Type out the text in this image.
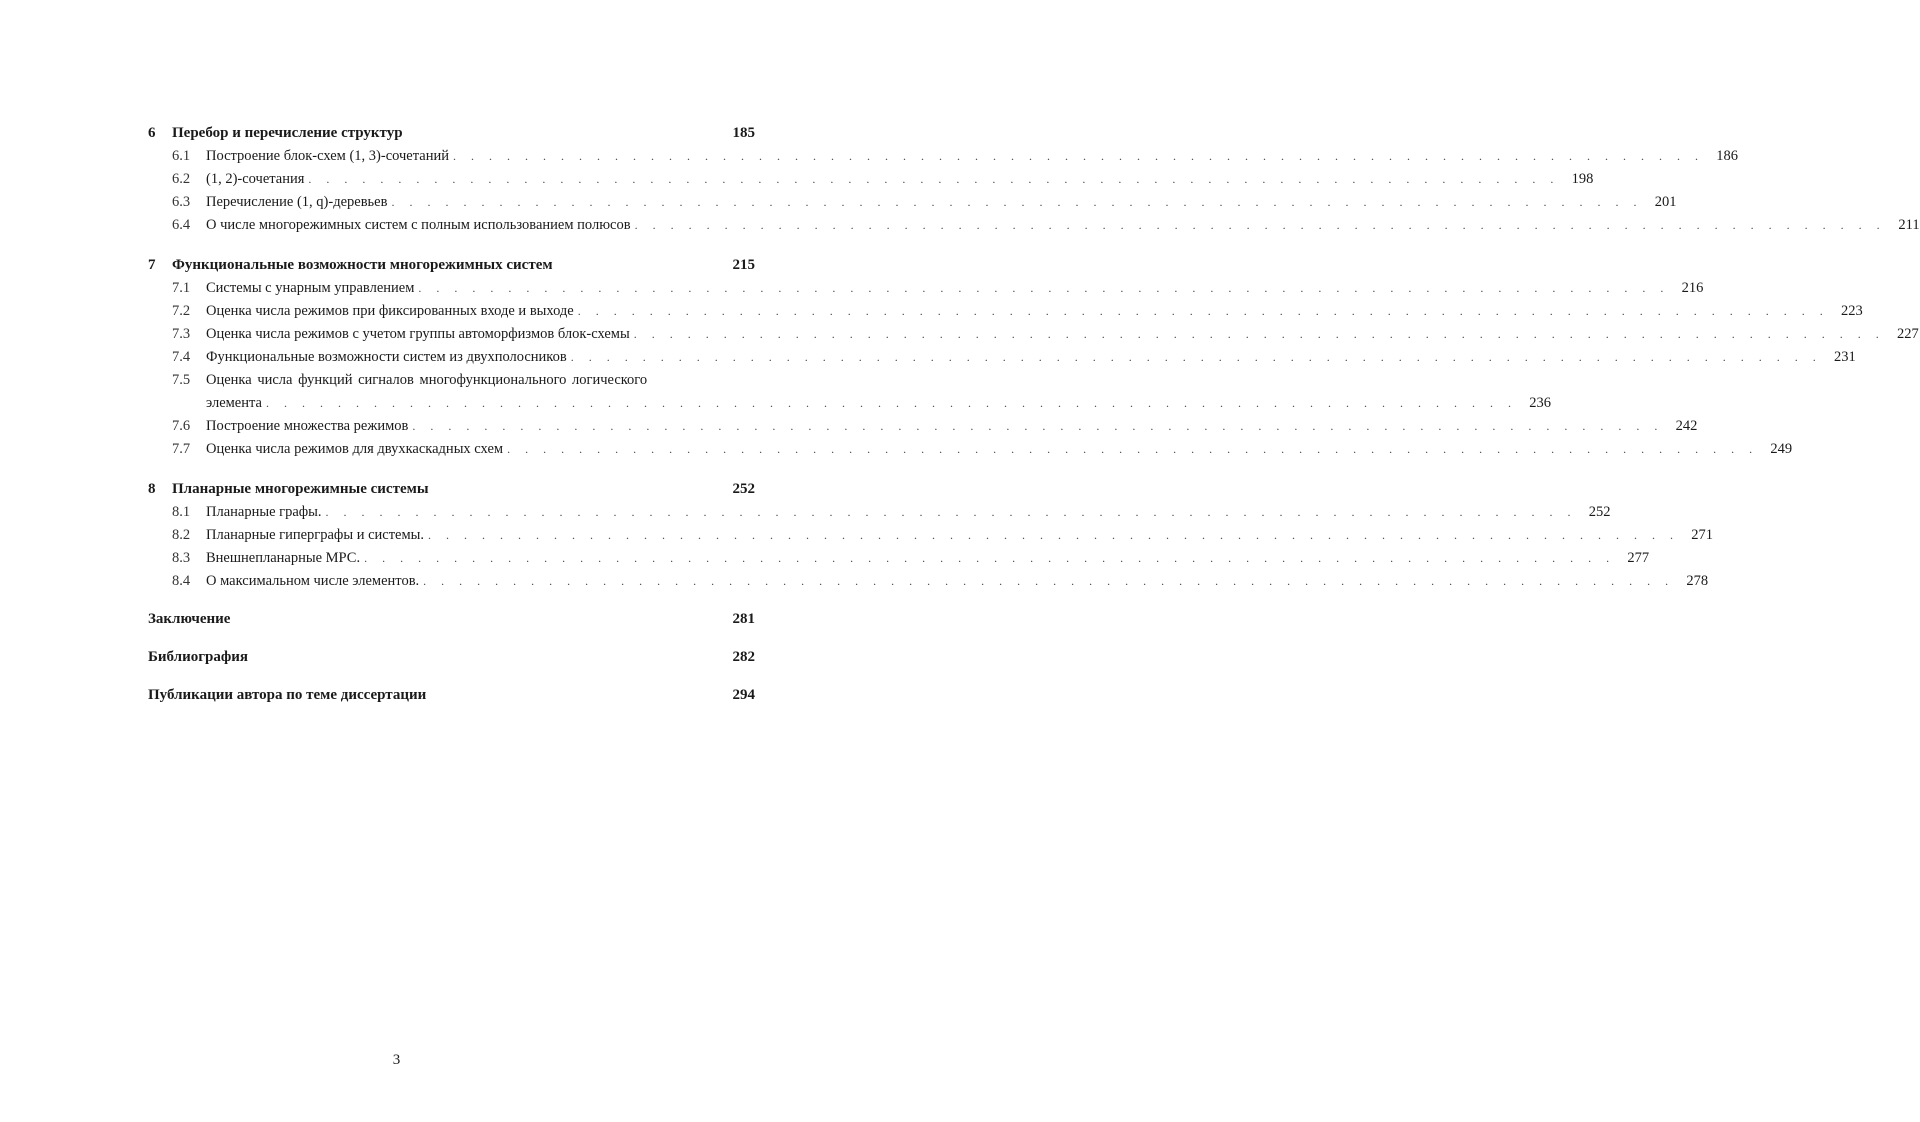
6	Перебор и перечисление структур	185
6.1	Построение блок-схем (1, 3)-сочетаний . . . . . . . . . . . . . . . . . . . . . . . . . . . . . . . . . . . . . . . . . . . . . . . . . . . . . . . . . . . . . . . . . . . . . . 186
6.2	(1, 2)-сочетания . . . . . . . . . . . . . . . . . . . . . . . . . . . . . . . . . . . . . . . . . . . . . . . . . . . . . . . . . . . . . . . . . . . . . . 198
6.3	Перечисление (1, q)-деревьев . . . . . . . . . . . . . . . . . . . . . . . . . . . . . . . . . . . . . . . . . . . . . . . . . . . . . . . . . . . . . . . . . . . . . . 201
6.4	О числе многорежимных систем с полным использованием полюсов . . . . . . . . . . . . . . . . . . . . . . . . . . . . . . . . . . . . . . . . . . . . . . . . . . . . . . . . . . . . . . . . . . . . . . 211
7	Функциональные возможности многорежимных систем	215
7.1	Системы с унарным управлением . . . . . . . . . . . . . . . . . . . . . . . . . . . . . . . . . . . . . . . . . . . . . . . . . . . . . . . . . . . . . . . . . . . . . . 216
7.2	Оценка числа режимов при фиксированных входе и выходе . . . . . . . . . . . . . . . . . . . . . . . . . . . . . . . . . . . . . . . . . . . . . . . . . . . . . . . . . . . . . . . . . . . . . . 223
7.3	Оценка числа режимов с учетом группы автоморфизмов блок-схемы . . . . . . . . . . . . . . . . . . . . . . . . . . . . . . . . . . . . . . . . . . . . . . . . . . . . . . . . . . . . . . . . . . . . . . 227
7.4	Функциональные возможности систем из двухполосников . . . . . . . . . . . . . . . . . . . . . . . . . . . . . . . . . . . . . . . . . . . . . . . . . . . . . . . . . . . . . . . . . . . . . . 231
7.5	Оценка числа функций сигналов многофункционального логического
элемента . . . . . . . . . . . . . . . . . . . . . . . . . . . . . . . . . . . . . . . . . . . . . . . . . . . . . . . . . . . . . . . . . . . . . . 236
7.6	Построение множества режимов . . . . . . . . . . . . . . . . . . . . . . . . . . . . . . . . . . . . . . . . . . . . . . . . . . . . . . . . . . . . . . . . . . . . . . 242
7.7	Оценка числа режимов для двухкаскадных схем . . . . . . . . . . . . . . . . . . . . . . . . . . . . . . . . . . . . . . . . . . . . . . . . . . . . . . . . . . . . . . . . . . . . . . 249
8	Планарные многорежимные системы	252
8.1	Планарные графы. . . . . . . . . . . . . . . . . . . . . . . . . . . . . . . . . . . . . . . . . . . . . . . . . . . . . . . . . . . . . . . . . . . . . . . 252
8.2	Планарные гиперграфы и системы. . . . . . . . . . . . . . . . . . . . . . . . . . . . . . . . . . . . . . . . . . . . . . . . . . . . . . . . . . . . . . . . . . . . . . . 271
8.3	Внешнепланарные МРС. . . . . . . . . . . . . . . . . . . . . . . . . . . . . . . . . . . . . . . . . . . . . . . . . . . . . . . . . . . . . . . . . . . . . . . 277
8.4	О максимальном числе элементов. . . . . . . . . . . . . . . . . . . . . . . . . . . . . . . . . . . . . . . . . . . . . . . . . . . . . . . . . . . . . . . . . . . . . . . 278
Заключение	281
Библиография	282
Публикации автора по теме диссертации	294
3
